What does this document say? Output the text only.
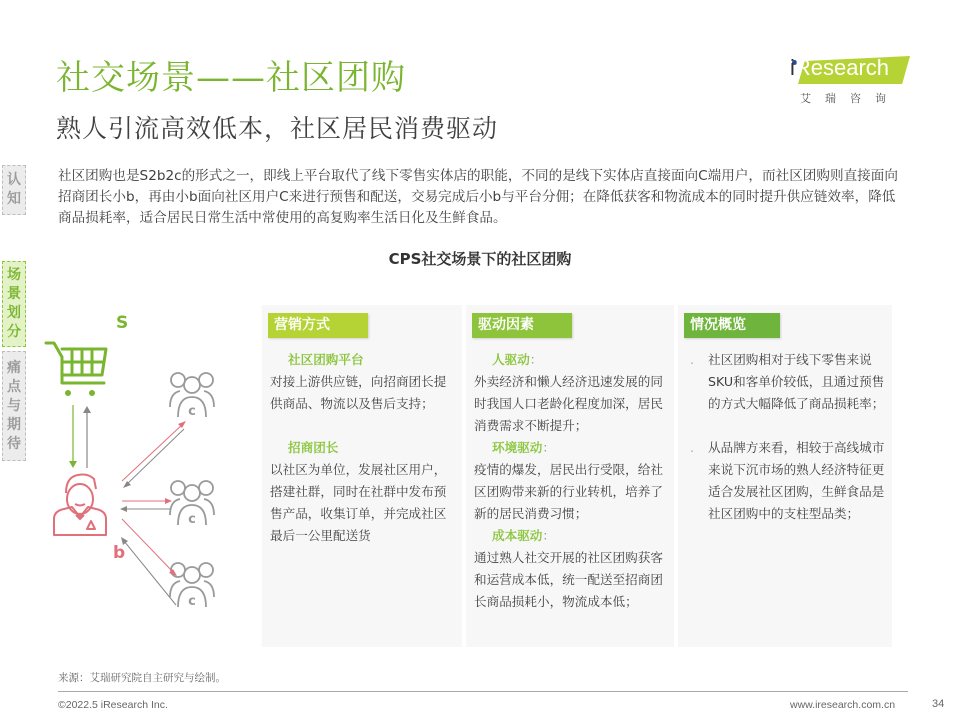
社交场景——社区团购
熟人引流高效低本，社区居民消费驱动
iResearch
艾瑞咨询
认
知
场
景
划
分
痛
点
与
期
待
社区团购也是S2b2c的形式之一，即线上平台取代了线下零售实体店的职能，不同的是线下实体店直接面向C端用户，而社区团购则直接面向招商团长小b，再由小b面向社区用户C来进行预售和配送，交易完成后小b与平台分佣；在降低获客和物流成本的同时提升供应链效率，降低商品损耗率，适合居民日常生活中常使用的高复购率生活日化及生鲜食品。
CPS社交场景下的社区团购
S
c
c
c
b
营销方式
社区团购平台
对接上游供应链，向招商团长提供商品、物流以及售后支持；
招商团长
以社区为单位，发展社区用户，搭建社群，同时在社群中发布预售产品，收集订单，并完成社区最后一公里配送货
驱动因素
人驱动：
外卖经济和懒人经济迅速发展的同时我国人口老龄化程度加深，居民消费需求不断提升；
环境驱动：
疫情的爆发，居民出行受限，给社区团购带来新的行业转机，培养了新的居民消费习惯；
成本驱动：
通过熟人社交开展的社区团购获客和运营成本低，统一配送至招商团长商品损耗小，物流成本低；
情况概览
. 社区团购相对于线下零售来说SKU和客单价较低，且通过预售的方式大幅降低了商品损耗率；
. 从品牌方来看，相较于高线城市来说下沉市场的熟人经济特征更适合发展社区团购，生鲜食品是社区团购中的支柱型品类；
来源：艾瑞研究院自主研究与绘制。
©2022.5 iResearch Inc.	www.iresearch.com.cn	34
